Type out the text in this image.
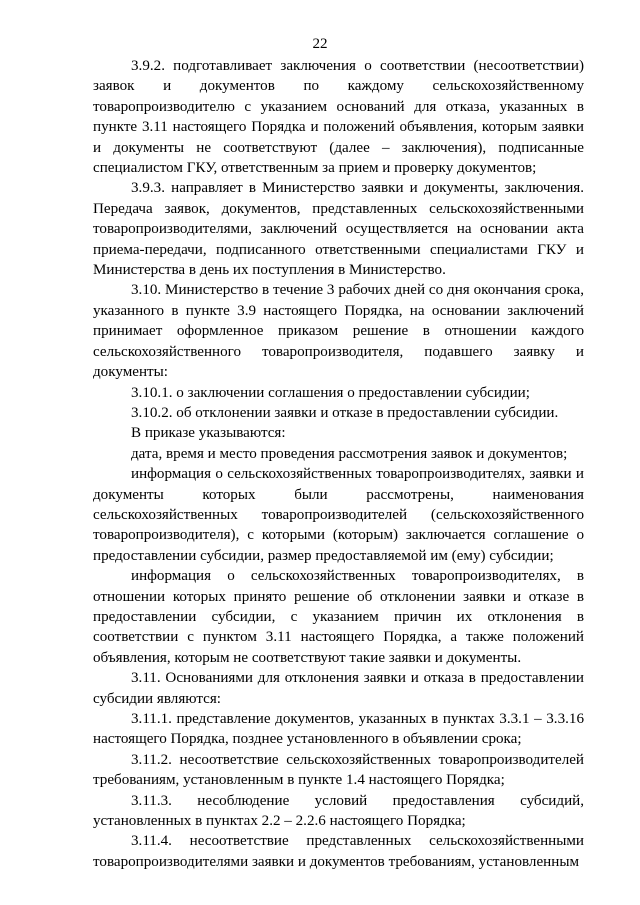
22

3.9.2. подготавливает заключения о соответствии (несоответствии) заявок и документов по каждому сельскохозяйственному товаропроизводителю с указанием оснований для отказа, указанных в пункте 3.11 настоящего Порядка и положений объявления, которым заявки и документы не соответствуют (далее – заключения), подписанные специалистом ГКУ, ответственным за прием и проверку документов;

3.9.3. направляет в Министерство заявки и документы, заключения. Передача заявок, документов, представленных сельскохозяйственными товаропроизводителями, заключений осуществляется на основании акта приема-передачи, подписанного ответственными специалистами ГКУ и Министерства в день их поступления в Министерство.

3.10. Министерство в течение 3 рабочих дней со дня окончания срока, указанного в пункте 3.9 настоящего Порядка, на основании заключений принимает оформленное приказом решение в отношении каждого сельскохозяйственного товаропроизводителя, подавшего заявку и документы:

3.10.1. о заключении соглашения о предоставлении субсидии;

3.10.2. об отклонении заявки и отказе в предоставлении субсидии.

В приказе указываются:

дата, время и место проведения рассмотрения заявок и документов;

информация о сельскохозяйственных товаропроизводителях, заявки и документы которых были рассмотрены, наименования сельскохозяйственных товаропроизводителей (сельскохозяйственного товаропроизводителя), с которыми (которым) заключается соглашение о предоставлении субсидии, размер предоставляемой им (ему) субсидии;

информация о сельскохозяйственных товаропроизводителях, в отношении которых принято решение об отклонении заявки и отказе в предоставлении субсидии, с указанием причин их отклонения в соответствии с пунктом 3.11 настоящего Порядка, а также положений объявления, которым не соответствуют такие заявки и документы.

3.11. Основаниями для отклонения заявки и отказа в предоставлении субсидии являются:

3.11.1. представление документов, указанных в пунктах 3.3.1 – 3.3.16 настоящего Порядка, позднее установленного в объявлении срока;

3.11.2. несоответствие сельскохозяйственных товаропроизводителей требованиям, установленным в пункте 1.4 настоящего Порядка;

3.11.3. несоблюдение условий предоставления субсидий, установленных в пунктах 2.2 – 2.2.6 настоящего Порядка;

3.11.4. несоответствие представленных сельскохозяйственными товаропроизводителями заявки и документов требованиям, установленным
